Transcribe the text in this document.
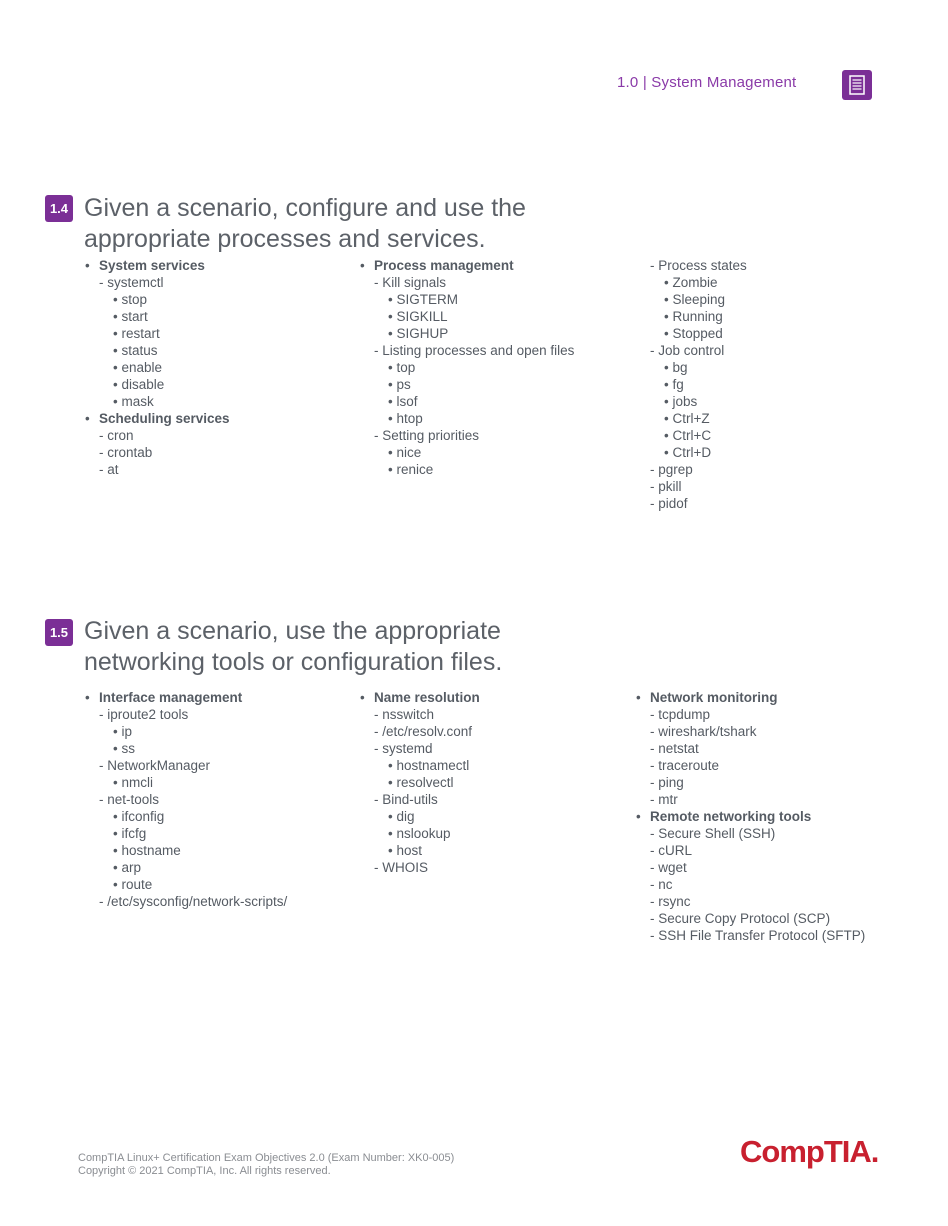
1.0 | System Management
1.4 Given a scenario, configure and use the
appropriate processes and services.
• System services
- systemctl
• stop
• start
• restart
• status
• enable
• disable
• mask
• Scheduling services
- cron
- crontab
- at
• Process management
- Kill signals
• SIGTERM
• SIGKILL
• SIGHUP
- Listing processes and open files
• top
• ps
• lsof
• htop
- Setting priorities
• nice
• renice
- Process states
• Zombie
• Sleeping
• Running
• Stopped
- Job control
• bg
• fg
• jobs
• Ctrl+Z
• Ctrl+C
• Ctrl+D
- pgrep
- pkill
- pidof
1.5 Given a scenario, use the appropriate
networking tools or configuration files.
• Interface management
- iproute2 tools
• ip
• ss
- NetworkManager
• nmcli
- net-tools
• ifconfig
• ifcfg
• hostname
• arp
• route
- /etc/sysconfig/network-scripts/
• Name resolution
- nsswitch
- /etc/resolv.conf
- systemd
• hostnamectl
• resolvectl
- Bind-utils
• dig
• nslookup
• host
- WHOIS
• Network monitoring
- tcpdump
- wireshark/tshark
- netstat
- traceroute
- ping
- mtr
• Remote networking tools
- Secure Shell (SSH)
- cURL
- wget
- nc
- rsync
- Secure Copy Protocol (SCP)
- SSH File Transfer Protocol (SFTP)
CompTIA Linux+ Certification Exam Objectives 2.0 (Exam Number: XK0-005)
Copyright © 2021 CompTIA, Inc. All rights reserved.
CompTIA.
